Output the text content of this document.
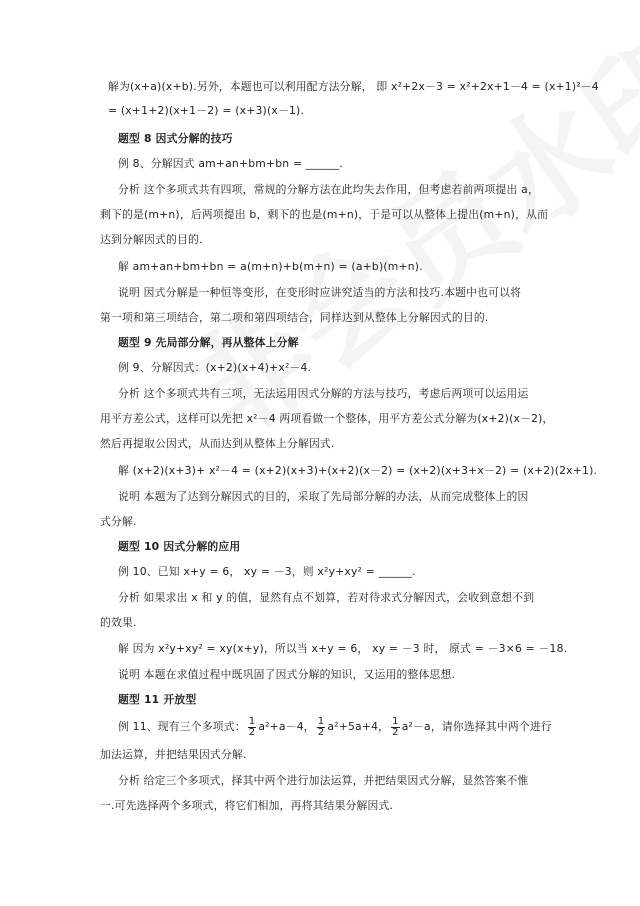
解为(x+a)(x+b).另外，本题也可以利用配方法分解， 即 x²+2x－3 = x²+2x+1－4 = (x+1)²－4
= (x+1+2)(x+1－2) = (x+3)(x－1).
题型 8 因式分解的技巧
例 8、分解因式 am+an+bm+bn = ______.
分析 这个多项式共有四项，常规的分解方法在此均失去作用，但考虑若前两项提出 a，
剩下的是(m+n)，后两项提出 b，剩下的也是(m+n)，于是可以从整体上提出(m+n)，从而
达到分解因式的目的.
解 am+an+bm+bn = a(m+n)+b(m+n) = (a+b)(m+n).
说明 因式分解是一种恒等变形，在变形时应讲究适当的方法和技巧.本题中也可以将
第一项和第三项结合，第二项和第四项结合，同样达到从整体上分解因式的目的.
题型 9 先局部分解，再从整体上分解
例 9、分解因式：(x+2)(x+4)+x²－4.
分析 这个多项式共有三项，无法运用因式分解的方法与技巧，考虑后两项可以运用运
用平方差公式，这样可以先把 x²－4 两项看做一个整体，用平方差公式分解为(x+2)(x－2)，
然后再提取公因式，从而达到从整体上分解因式.
解 (x+2)(x+3)+ x²－4 = (x+2)(x+3)+(x+2)(x－2) = (x+2)(x+3+x－2) = (x+2)(2x+1).
说明 本题为了达到分解因式的目的，采取了先局部分解的办法，从而完成整体上的因
式分解.
题型 10 因式分解的应用
例 10、已知 x+y = 6， xy = －3，则 x²y+xy² = ______.
分析 如果求出 x 和 y 的值，显然有点不划算，若对待求式分解因式，会收到意想不到
的效果.
解 因为 x²y+xy² = xy(x+y)，所以当 x+y = 6， xy = －3 时， 原式 = －3×6 = －18.
说明 本题在求值过程中既巩固了因式分解的知识，又运用的整体思想.
题型 11 开放型
例 11、现有三个多项式： $\frac{1}{2} a^2+a-4$， $\frac{1}{2} a^2+5a+4$， $\frac{1}{2} a^2-a$，请你选择其中两个进行
加法运算，并把结果因式分解.
分析 给定三个多项式，择其中两个进行加法运算，并把结果因式分解，显然答案不惟
一.可先选择两个多项式，将它们相加，再将其结果分解因式.
